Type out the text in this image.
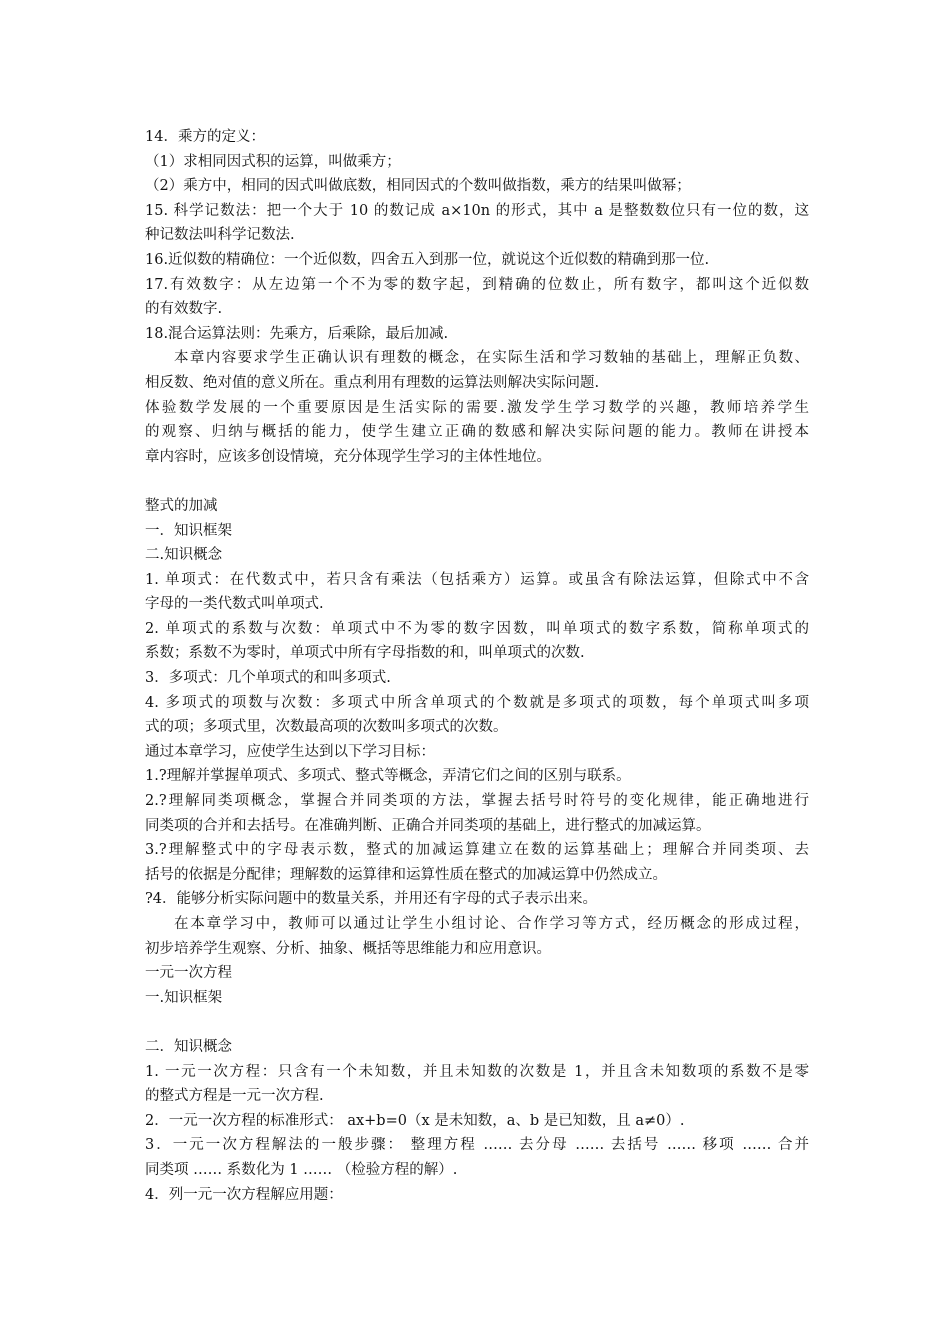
14．乘方的定义：
（1）求相同因式积的运算，叫做乘方；
（2）乘方中，相同的因式叫做底数，相同因式的个数叫做指数，乘方的结果叫做幂；
15. 科学记数法：把一个大于 10 的数记成 a×10n 的形式，其中 a 是整数数位只有一位的数，这
种记数法叫科学记数法.
16.近似数的精确位：一个近似数，四舍五入到那一位，就说这个近似数的精确到那一位.
17.有效数字：从左边第一个不为零的数字起，到精确的位数止，所有数字，都叫这个近似数
的有效数字.
18.混合运算法则：先乘方，后乘除，最后加减.
本章内容要求学生正确认识有理数的概念，在实际生活和学习数轴的基础上，理解正负数、
相反数、绝对值的意义所在。重点利用有理数的运算法则解决实际问题.
体验数学发展的一个重要原因是生活实际的需要.激发学生学习数学的兴趣，教师培养学生
的观察、归纳与概括的能力，使学生建立正确的数感和解决实际问题的能力。教师在讲授本
章内容时，应该多创设情境，充分体现学生学习的主体性地位。
整式的加减
一．知识框架
二.知识概念
1. 单项式：在代数式中，若只含有乘法（包括乘方）运算。或虽含有除法运算，但除式中不含
字母的一类代数式叫单项式.
2. 单项式的系数与次数：单项式中不为零的数字因数，叫单项式的数字系数，简称单项式的
系数；系数不为零时，单项式中所有字母指数的和，叫单项式的次数.
3．多项式：几个单项式的和叫多项式.
4. 多项式的项数与次数：多项式中所含单项式的个数就是多项式的项数，每个单项式叫多项
式的项；多项式里，次数最高项的次数叫多项式的次数。
通过本章学习，应使学生达到以下学习目标：
1.?理解并掌握单项式、多项式、整式等概念，弄清它们之间的区别与联系。
2.?理解同类项概念，掌握合并同类项的方法，掌握去括号时符号的变化规律，能正确地进行
同类项的合并和去括号。在准确判断、正确合并同类项的基础上，进行整式的加减运算。
3.?理解整式中的字母表示数，整式的加减运算建立在数的运算基础上；理解合并同类项、去
括号的依据是分配律；理解数的运算律和运算性质在整式的加减运算中仍然成立。
?4．能够分析实际问题中的数量关系，并用还有字母的式子表示出来。
在本章学习中，教师可以通过让学生小组讨论、合作学习等方式，经历概念的形成过程，
初步培养学生观察、分析、抽象、概括等思维能力和应用意识。
一元一次方程
一.知识框架
二．知识概念
1. 一元一次方程：只含有一个未知数，并且未知数的次数是 1，并且含未知数项的系数不是零
的整式方程是一元一次方程.
2．一元一次方程的标准形式： ax+b=0（x 是未知数，a、b 是已知数，且 a≠0）.
3．一元一次方程解法的一般步骤： 整理方程 …… 去分母 …… 去括号 …… 移项 …… 合并
同类项 …… 系数化为 1 …… （检验方程的解）.
4．列一元一次方程解应用题：
